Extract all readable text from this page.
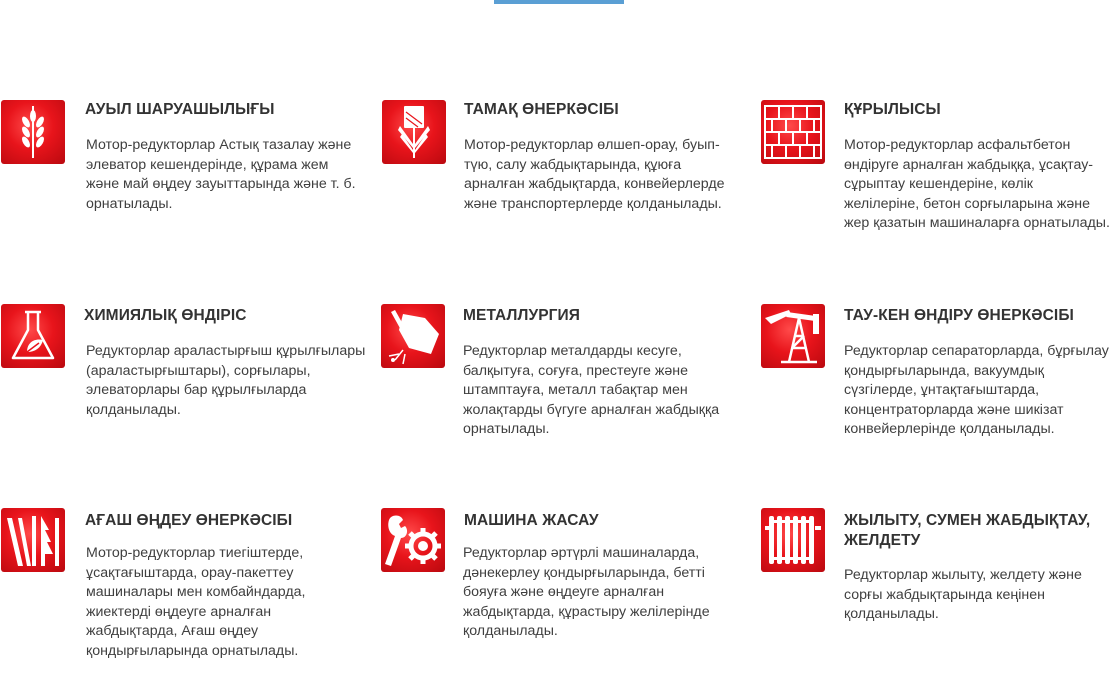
АУЫЛ ШАРУАШЫЛЫҒЫ
Мотор-редукторлар Астық тазалау және элеватор кешендерінде, құрама жем және май өңдеу зауыттарында және т. б. орнатылады.
ТАМАҚ ӨНЕРКӘСІБІ
Мотор-редукторлар өлшеп-орау, буып-түю, салу жабдықтарында, құюға арналған жабдықтарда, конвейерлерде және транспортерлерде қолданылады.
ҚҰРЫЛЫСЫ
Мотор-редукторлар асфальтбетон өндіруге арналған жабдыққа, ұсақтау-сұрыптау кешендеріне, көлік желілеріне, бетон сорғыларына және жер қазатын машиналарға орнатылады.
ХИМИЯЛЫҚ ӨНДІРІС
Редукторлар араластырғыш құрылғылары (араластырғыштары), сорғылары, элеваторлары бар құрылғыларда қолданылады.
МЕТАЛЛУРГИЯ
Редукторлар металдарды кесуге, балқытуға, соғуға, престеуге және штамптауға, металл табақтар мен жолақтарды бүгуге арналған жабдыққа орнатылады.
ТАУ-КЕН ӨНДІРУ ӨНЕРКӘСІБІ
Редукторлар сепараторларда, бұрғылау қондырғыларында, вакуумдық сүзгілерде, ұнтақтағыштарда, концентраторларда және шикізат конвейерлерінде қолданылады.
АҒАШ ӨҢДЕУ ӨНЕРКӘСІБІ
Мотор-редукторлар тиегіштерде, ұсақтағыштарда, орау-пакеттеу машиналары мен комбайндарда, жиектерді өңдеуге арналған жабдықтарда, Ағаш өңдеу қондырғыларында орнатылады.
МАШИНА ЖАСАУ
Редукторлар әртүрлі машиналарда, дәнекерлеу қондырғыларында, бетті бояуға және өңдеуге арналған жабдықтарда, құрастыру желілерінде қолданылады.
ЖЫЛЫТУ, СУМЕН ЖАБДЫҚТАУ, ЖЕЛДЕТУ
Редукторлар жылыту, желдету және сорғы жабдықтарында кеңінен қолданылады.
